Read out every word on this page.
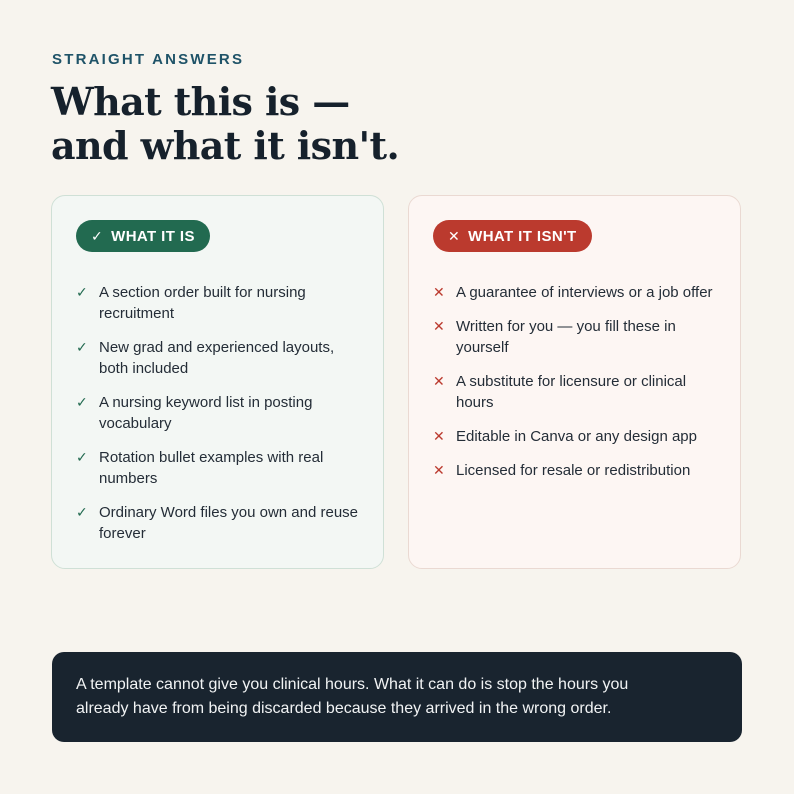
STRAIGHT ANSWERS
What this is —
and what it isn't.
✓ WHAT IT IS
✓ A section order built for nursing recruitment
✓ New grad and experienced layouts, both included
✓ A nursing keyword list in posting vocabulary
✓ Rotation bullet examples with real numbers
✓ Ordinary Word files you own and reuse forever
✕ WHAT IT ISN'T
✕ A guarantee of interviews or a job offer
✕ Written for you — you fill these in yourself
✕ A substitute for licensure or clinical hours
✕ Editable in Canva or any design app
✕ Licensed for resale or redistribution
A template cannot give you clinical hours. What it can do is stop the hours you
already have from being discarded because they arrived in the wrong order.
